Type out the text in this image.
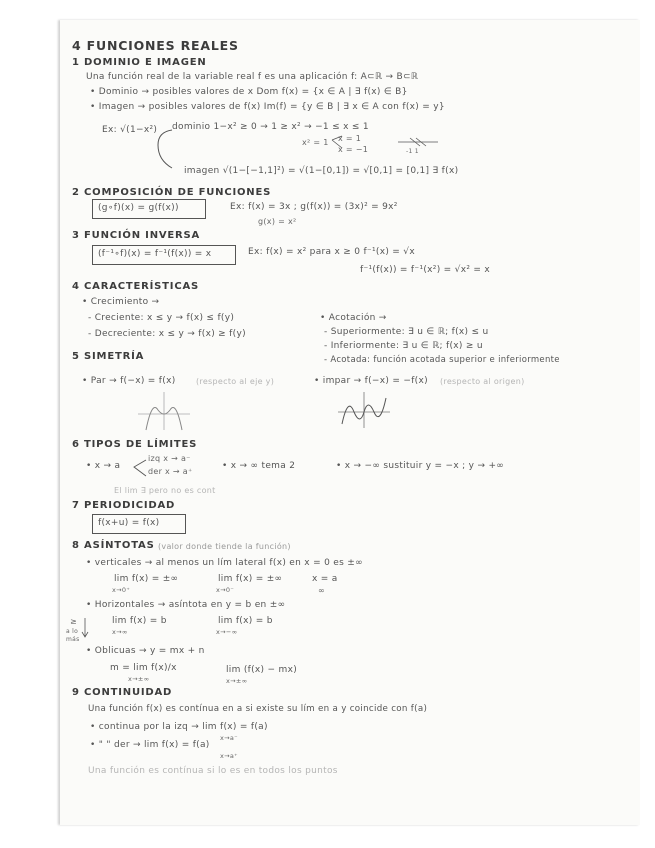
4 FUNCIONES REALES
1 DOMINIO E IMAGEN
Una función real de la variable real f es una aplicación f: A⊂ℝ → B⊂ℝ
• Dominio → posibles valores de x Dom f(x) = {x ∈ A | ∃ f(x) ∈ B}
• Imagen → posibles valores de f(x) Im(f) = {y ∈ B | ∃ x ∈ A con f(x) = y}
Ex: √(1−x²) dominio 1−x² ≥ 0 → 1 ≥ x² → −1 ≤ x ≤ 1
x² = 1 x = 1
x = −1	-1 1
imagen √(1−[−1,1]²) = √(1−[0,1]) = √[0,1] = [0,1] ∃ f(x)
2 COMPOSICIÓN DE FUNCIONES
(g∘f)(x) = g(f(x))	Ex: f(x) = 3x ; g(f(x)) = (3x)² = 9x²
g(x) = x²
3 FUNCIÓN INVERSA
(f⁻¹∘f)(x) = f⁻¹(f(x)) = x	Ex: f(x) = x² para x ≥ 0 f⁻¹(x) = √x
f⁻¹(f(x)) = f⁻¹(x²) = √x² = x
4 CARACTERÍSTICAS
• Crecimiento →
- Creciente: x ≤ y → f(x) ≤ f(y)
- Decreciente: x ≤ y → f(x) ≥ f(y)
• Acotación →
- Superiormente: ∃ u ∈ ℝ; f(x) ≤ u
- Inferiormente: ∃ u ∈ ℝ; f(x) ≥ u
- Acotada: función acotada superior e inferiormente
5 SIMETRÍA
• Par → f(−x) = f(x)	(respecto al eje y)	• impar → f(−x) = −f(x) (respecto al origen)
6 TIPOS DE LÍMITES
• x → a
izq x → a⁻
der x → a⁺
• x → ∞ tema 2	• x → −∞ sustituir y = −x ; y → +∞
El lim ∃ pero no es cont
7 PERIODICIDAD
f(x+u) = f(x)
8 ASÍNTOTAS (valor donde tiende la función)
• verticales → al menos un lím lateral f(x) en x = 0 es ±∞
lim f(x) = ±∞
x→0⁺
lim f(x) = ±∞
x→0⁻
x = a
∞
• Horizontales → asíntota en y = b en ±∞
≥
a lo
más
lim f(x) = b
x→∞
lim f(x) = b
x→−∞
• Oblicuas → y = mx + n
m = lim f(x)/x
x→±∞
lim (f(x) − mx)
x→±∞
9 CONTINUIDAD
Una función f(x) es contínua en a si existe su lím en a y coincide con f(a)
• continua por la izq → lim f(x) = f(a)
x→a⁻
• " " der → lim f(x) = f(a)
x→a⁺
Una función es contínua si lo es en todos los puntos
